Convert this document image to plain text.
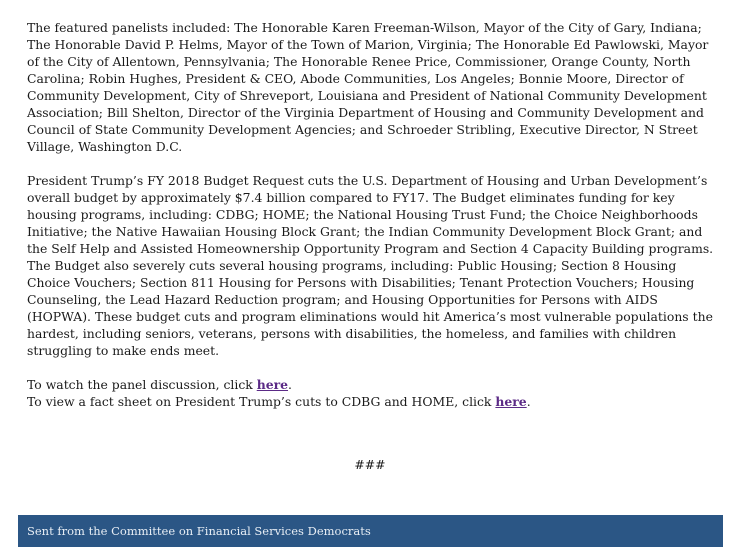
The featured panelists included: The Honorable Karen Freeman-Wilson, Mayor of the City of Gary, Indiana; The Honorable David P. Helms, Mayor of the Town of Marion, Virginia; The Honorable Ed Pawlowski, Mayor of the City of Allentown, Pennsylvania; The Honorable Renee Price, Commissioner, Orange County, North Carolina; Robin Hughes, President & CEO, Abode Communities, Los Angeles; Bonnie Moore, Director of Community Development, City of Shreveport, Louisiana and President of National Community Development Association; Bill Shelton, Director of the Virginia Department of Housing and Community Development and Council of State Community Development Agencies; and Schroeder Stribling, Executive Director, N Street Village, Washington D.C.

President Trump’s FY 2018 Budget Request cuts the U.S. Department of Housing and Urban Development’s overall budget by approximately $7.4 billion compared to FY17. The Budget eliminates funding for key housing programs, including: CDBG; HOME; the National Housing Trust Fund; the Choice Neighborhoods Initiative; the Native Hawaiian Housing Block Grant; the Indian Community Development Block Grant; and the Self Help and Assisted Homeownership Opportunity Program and Section 4 Capacity Building programs. The Budget also severely cuts several housing programs, including: Public Housing; Section 8 Housing Choice Vouchers; Section 811 Housing for Persons with Disabilities; Tenant Protection Vouchers; Housing Counseling, the Lead Hazard Reduction program; and Housing Opportunities for Persons with AIDS (HOPWA). These budget cuts and program eliminations would hit America’s most vulnerable populations the hardest, including seniors, veterans, persons with disabilities, the homeless, and families with children struggling to make ends meet.

To watch the panel discussion, click here.

To view a fact sheet on President Trump’s cuts to CDBG and HOME, click here.

###
Sent from the Committee on Financial Services Democrats
